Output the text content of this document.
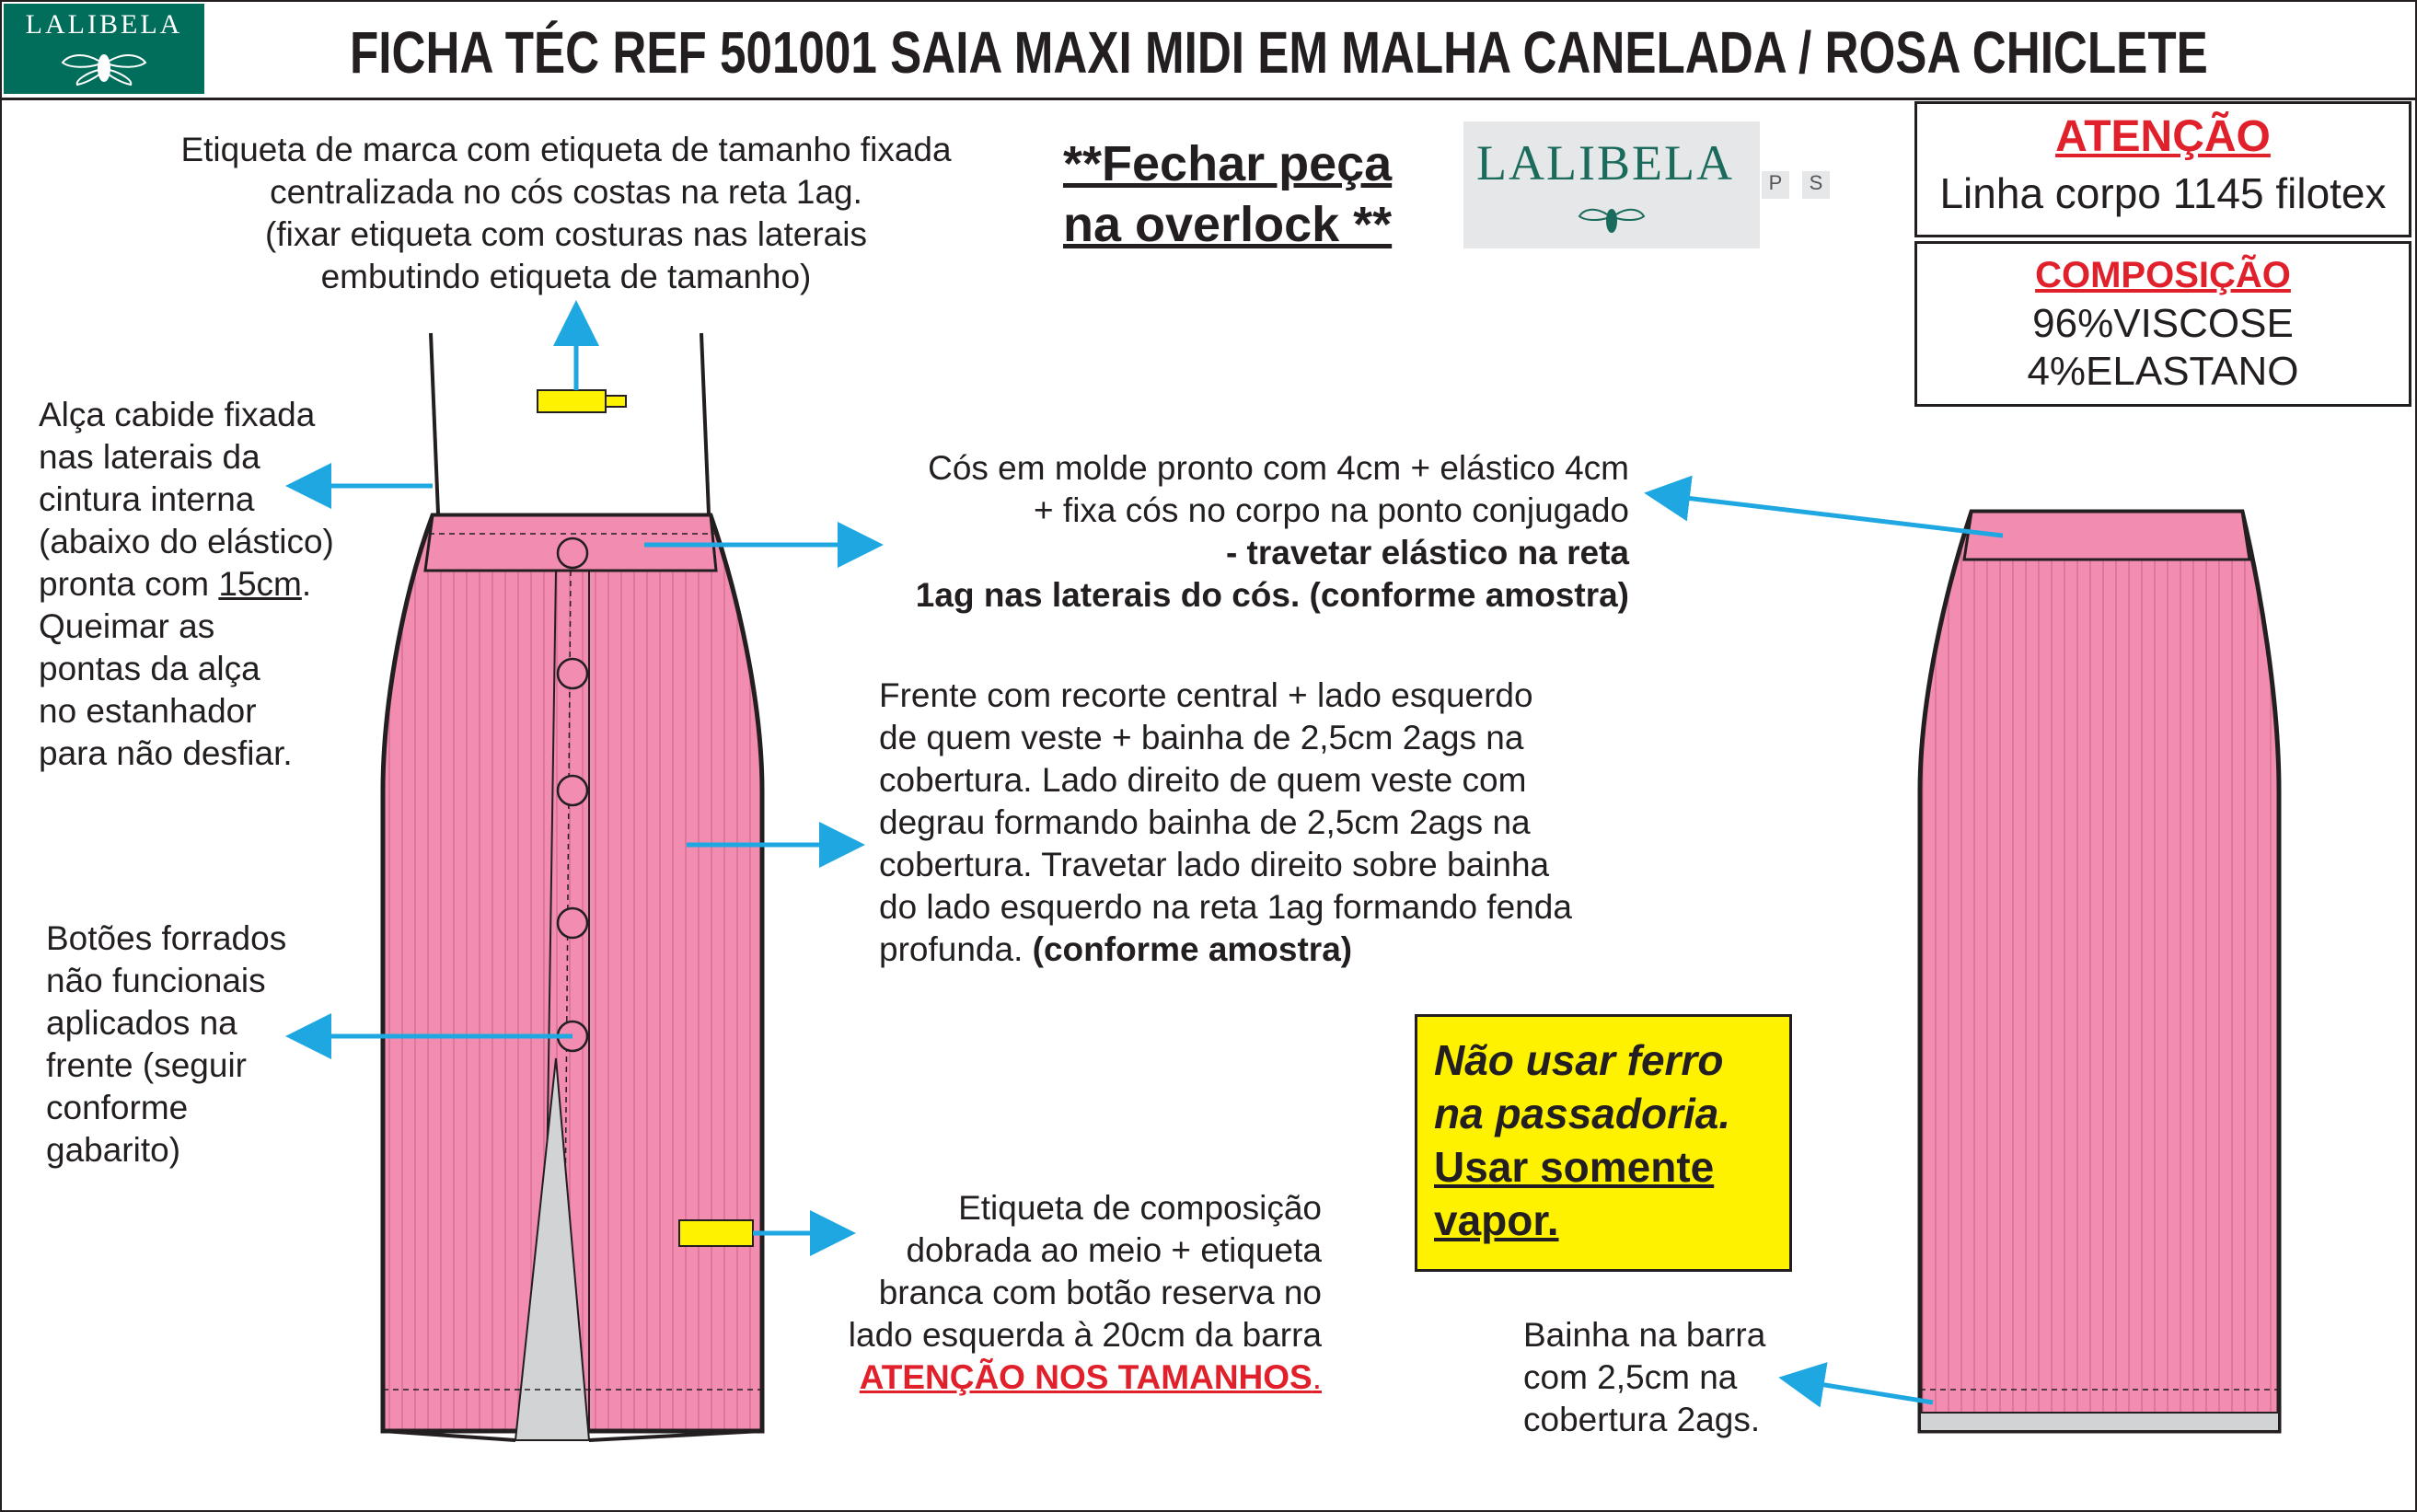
LALIBELA	FICHA TÉC REF 501001 SAIA MAXI MIDI EM MALHA CANELADA / ROSA CHICLETE
LALIBELA	P	S
**Fechar peça
na overlock **
ATENÇÃO
Linha corpo 1145 filotex
COMPOSIÇÃO
96%VISCOSE
4%ELASTANO
Etiqueta de marca com etiqueta de tamanho fixada
centralizada no cós costas na reta 1ag.
(fixar etiqueta com costuras nas laterais
embutindo etiqueta de tamanho)
Alça cabide fixada
nas laterais da
cintura interna
(abaixo do elástico)
pronta com 15cm.
Queimar as
pontas da alça
no estanhador
para não desfiar.
Cós em molde pronto com 4cm + elástico 4cm
+ fixa cós no corpo na ponto conjugado
- travetar elástico na reta
1ag nas laterais do cós. (conforme amostra)
Frente com recorte central + lado esquerdo
de quem veste + bainha de 2,5cm 2ags na
cobertura. Lado direito de quem veste com
degrau formando bainha de 2,5cm 2ags na
cobertura. Travetar lado direito sobre bainha
do lado esquerdo na reta 1ag formando fenda
profunda. (conforme amostra)
Botões forrados
não funcionais
aplicados na
frente (seguir
conforme
gabarito)
Não usar ferro
na passadoria.
Usar somente
vapor.
Etiqueta de composição
dobrada ao meio + etiqueta
branca com botão reserva no
lado esquerda à 20cm da barra
ATENÇÃO NOS TAMANHOS.
Bainha na barra
com 2,5cm na
cobertura 2ags.
